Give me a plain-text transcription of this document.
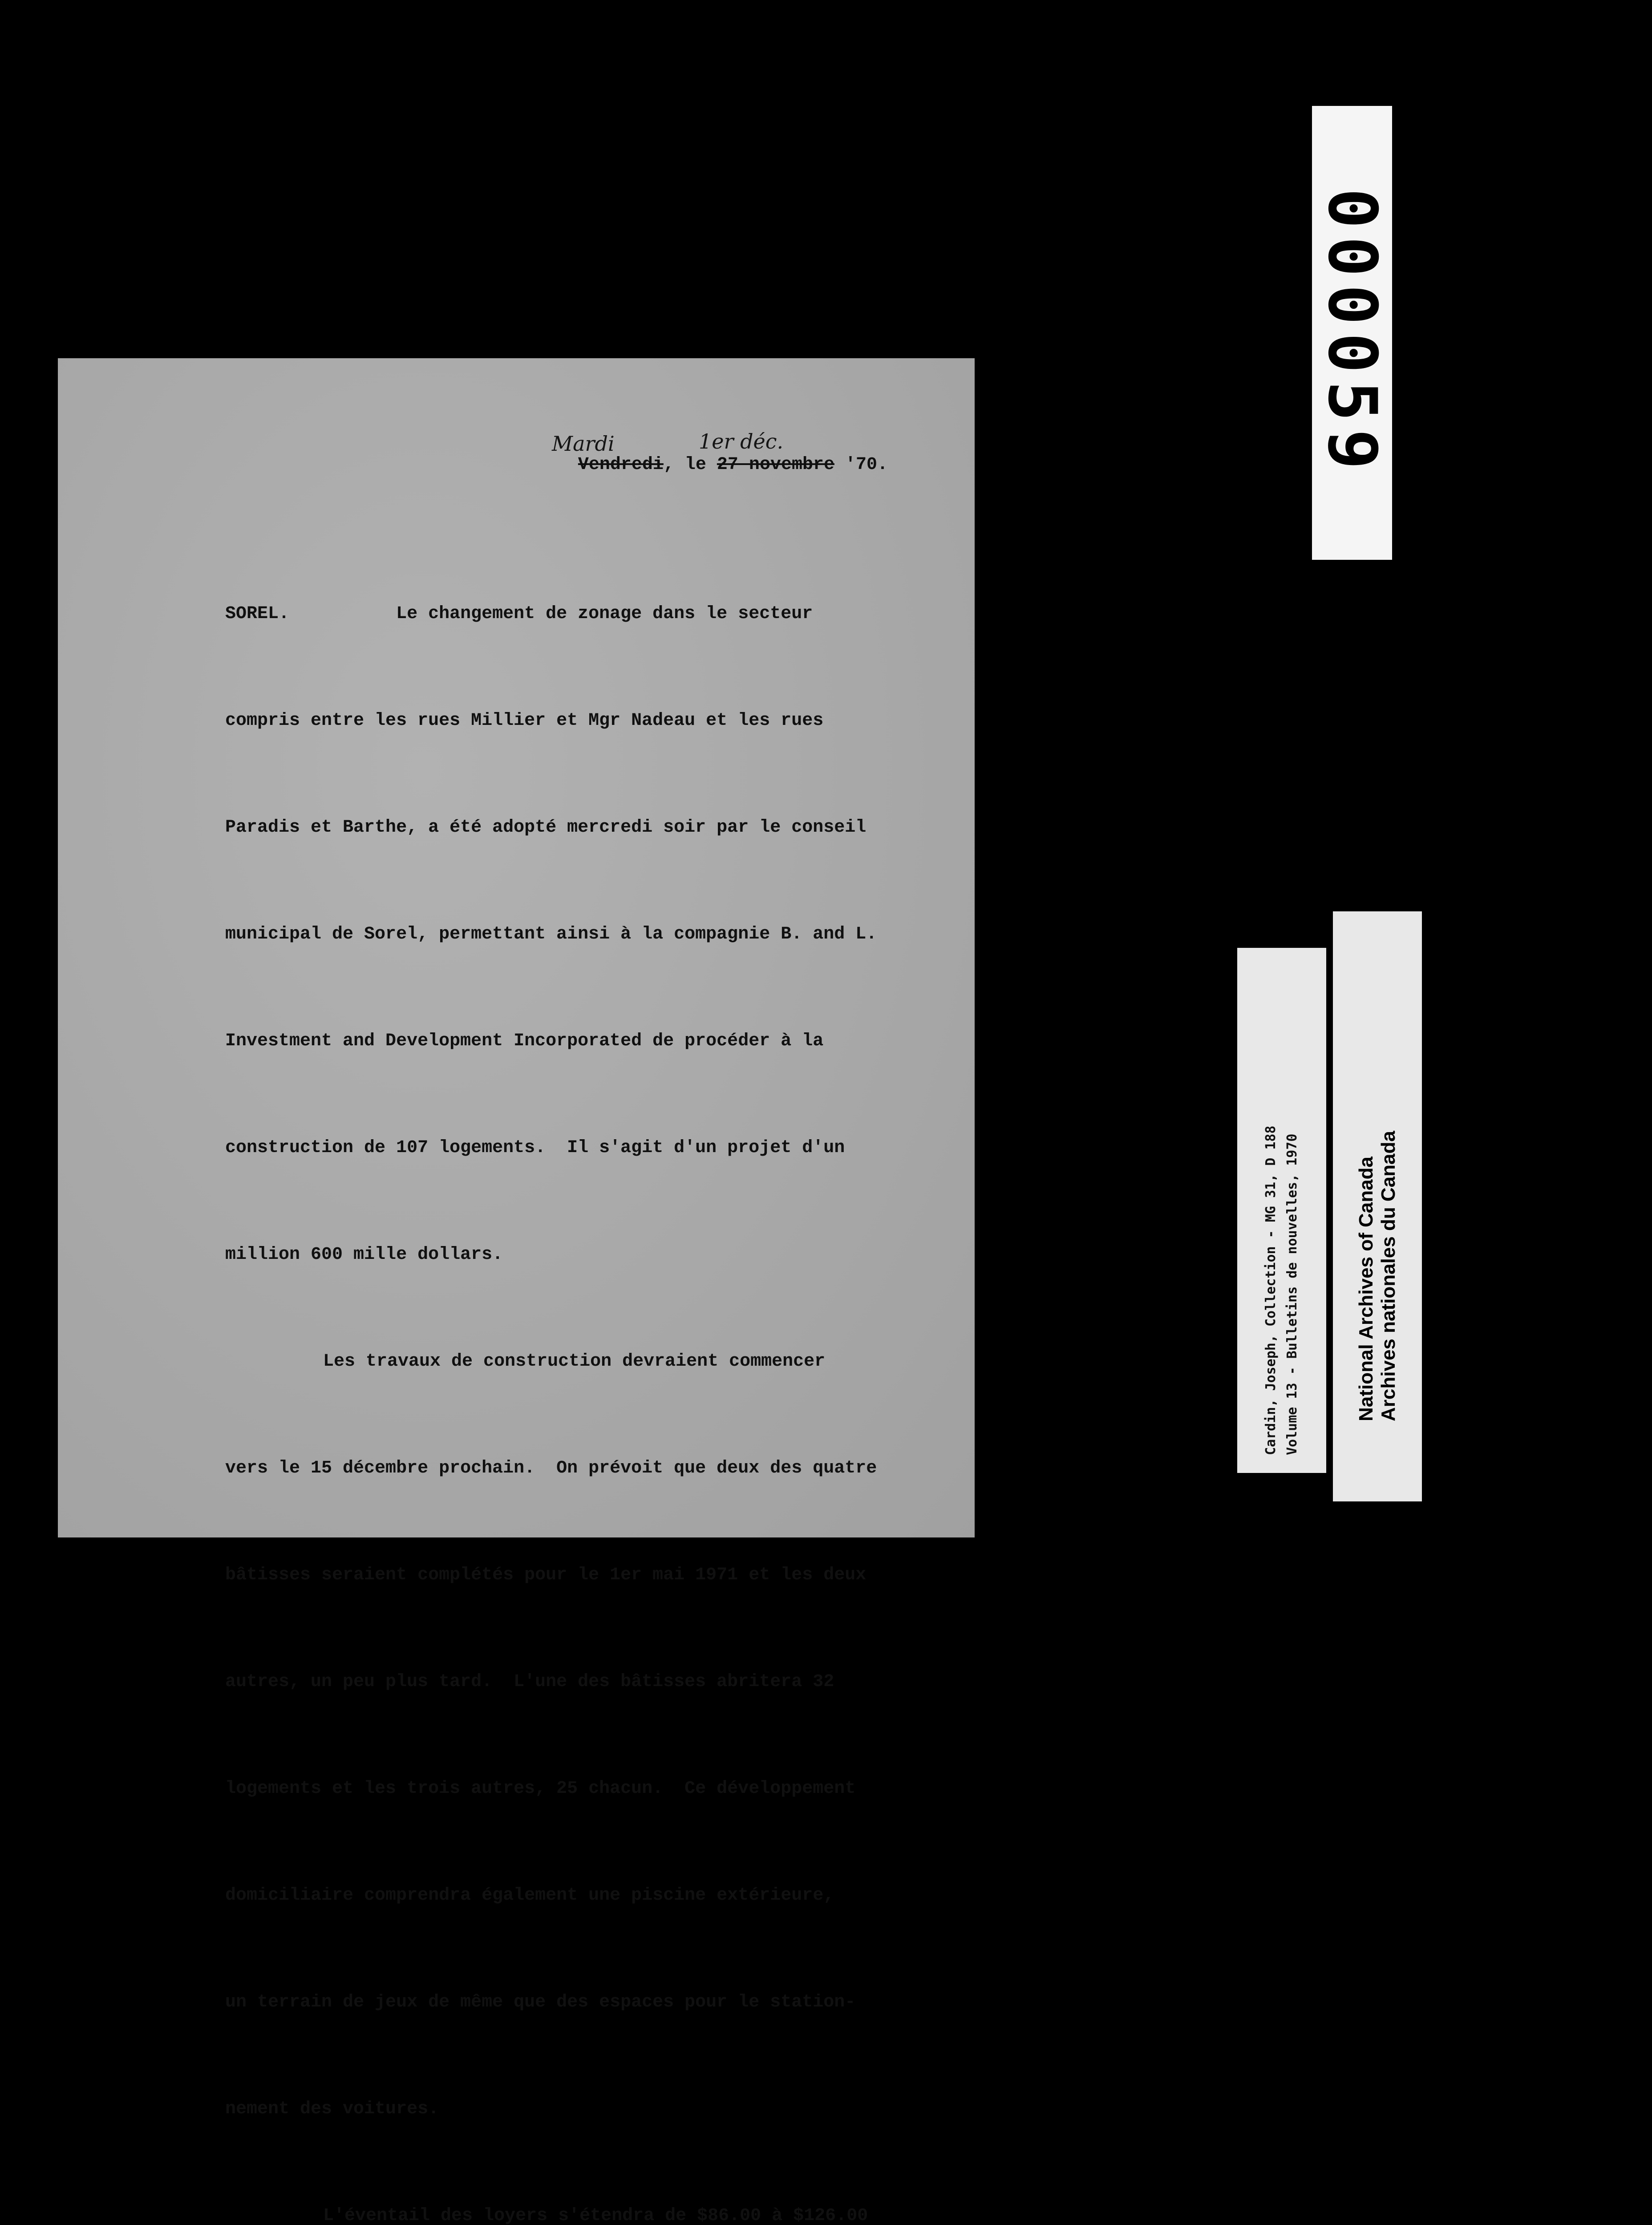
Mardi	1er déc.

Vendredi, le 27 novembre '70.

SOREL.          Le changement de zonage dans le secteur

compris entre les rues Millier et Mgr Nadeau et les rues

Paradis et Barthe, a été adopté mercredi soir par le conseil

municipal de Sorel, permettant ainsi à la compagnie B. and L.

Investment and Development Incorporated de procéder à la

construction de 107 logements.  Il s'agit d'un projet d'un

million 600 mille dollars.

Les travaux de construction devraient commencer

vers le 15 décembre prochain.  On prévoit que deux des quatre

bâtisses seraient complétés pour le 1er mai 1971 et les deux

autres, un peu plus tard.  L'une des bâtisses abritera 32

logements et les trois autres, 25 chacun.  Ce développement

domiciliaire comprendra également une piscine extérieure,

un terrain de jeux de même que des espaces pour le station-

nement des voitures.

L'éventail des loyers s'étendra de $86.00 à $126.00

000059
Cardin, Joseph, Collection - MG 31, D 188 Volume 13 - Bulletins de nouvelles, 1970	National Archives of Canada Archives nationales du Canada
